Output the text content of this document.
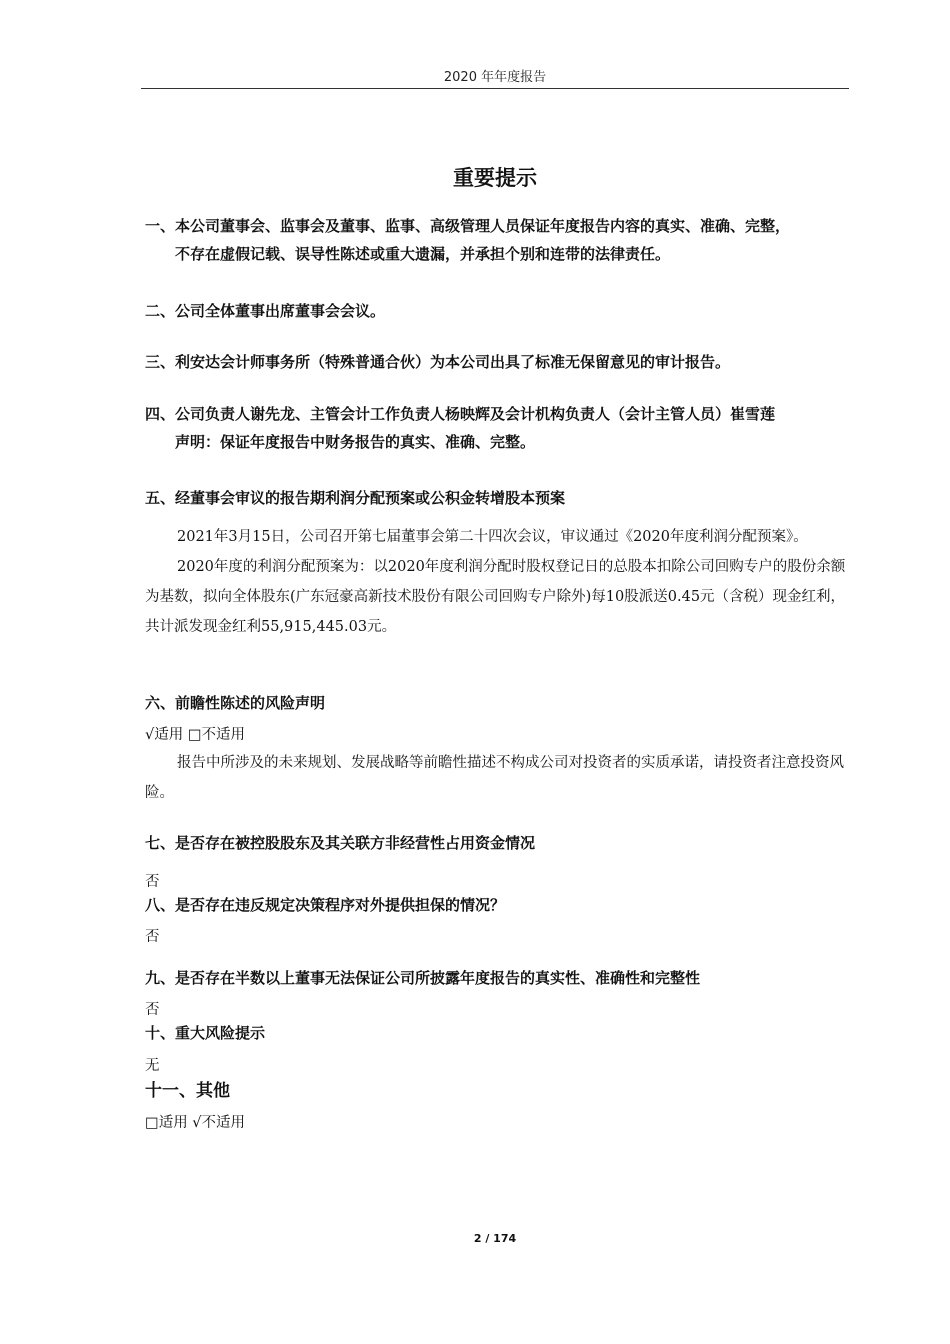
2020 年年度报告
重要提示
一、本公司董事会、监事会及董事、监事、高级管理人员保证年度报告内容的真实、准确、完整，
不存在虚假记载、误导性陈述或重大遗漏，并承担个别和连带的法律责任。
二、公司全体董事出席董事会会议。
三、利安达会计师事务所（特殊普通合伙）为本公司出具了标准无保留意见的审计报告。
四、公司负责人谢先龙、主管会计工作负责人杨映辉及会计机构负责人（会计主管人员）崔雪莲
声明：保证年度报告中财务报告的真实、准确、完整。
五、经董事会审议的报告期利润分配预案或公积金转增股本预案

2021年3月15日，公司召开第七届董事会第二十四次会议，审议通过《2020年度利润分配预案》。

2020年度的利润分配预案为：以2020年度利润分配时股权登记日的总股本扣除公司回购专户的股份余额为基数，拟向全体股东(广东冠豪高新技术股份有限公司回购专户除外)每10股派送0.45元（含税）现金红利，共计派发现金红利55,915,445.03元。

六、前瞻性陈述的风险声明
√适用 □不适用

报告中所涉及的未来规划、发展战略等前瞻性描述不构成公司对投资者的实质承诺，请投资者注意投资风险。

七、是否存在被控股股东及其关联方非经营性占用资金情况
否
八、是否存在违反规定决策程序对外提供担保的情况？
否
九、是否存在半数以上董事无法保证公司所披露年度报告的真实性、准确性和完整性
否
十、重大风险提示
无
十一、其他
□适用 √不适用
2 / 174
